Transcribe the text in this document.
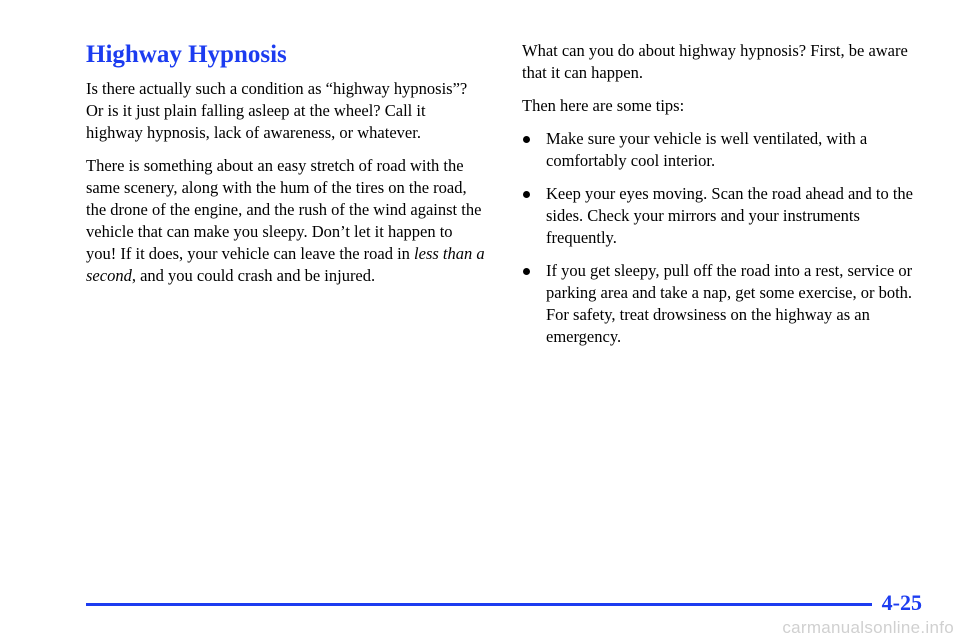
Highway Hypnosis

Is there actually such a condition as “highway hypnosis”? Or is it just plain falling asleep at the wheel? Call it highway hypnosis, lack of awareness, or whatever.

There is something about an easy stretch of road with the same scenery, along with the hum of the tires on the road, the drone of the engine, and the rush of the wind against the vehicle that can make you sleepy. Don’t let it happen to you! If it does, your vehicle can leave the road in less than a second, and you could crash and be injured.

What can you do about highway hypnosis? First, be aware that it can happen.

Then here are some tips:

Make sure your vehicle is well ventilated, with a comfortably cool interior.
Keep your eyes moving. Scan the road ahead and to the sides. Check your mirrors and your instruments frequently.
If you get sleepy, pull off the road into a rest, service or parking area and take a nap, get some exercise, or both. For safety, treat drowsiness on the highway as an emergency.
4-25
carmanualsonline.info
